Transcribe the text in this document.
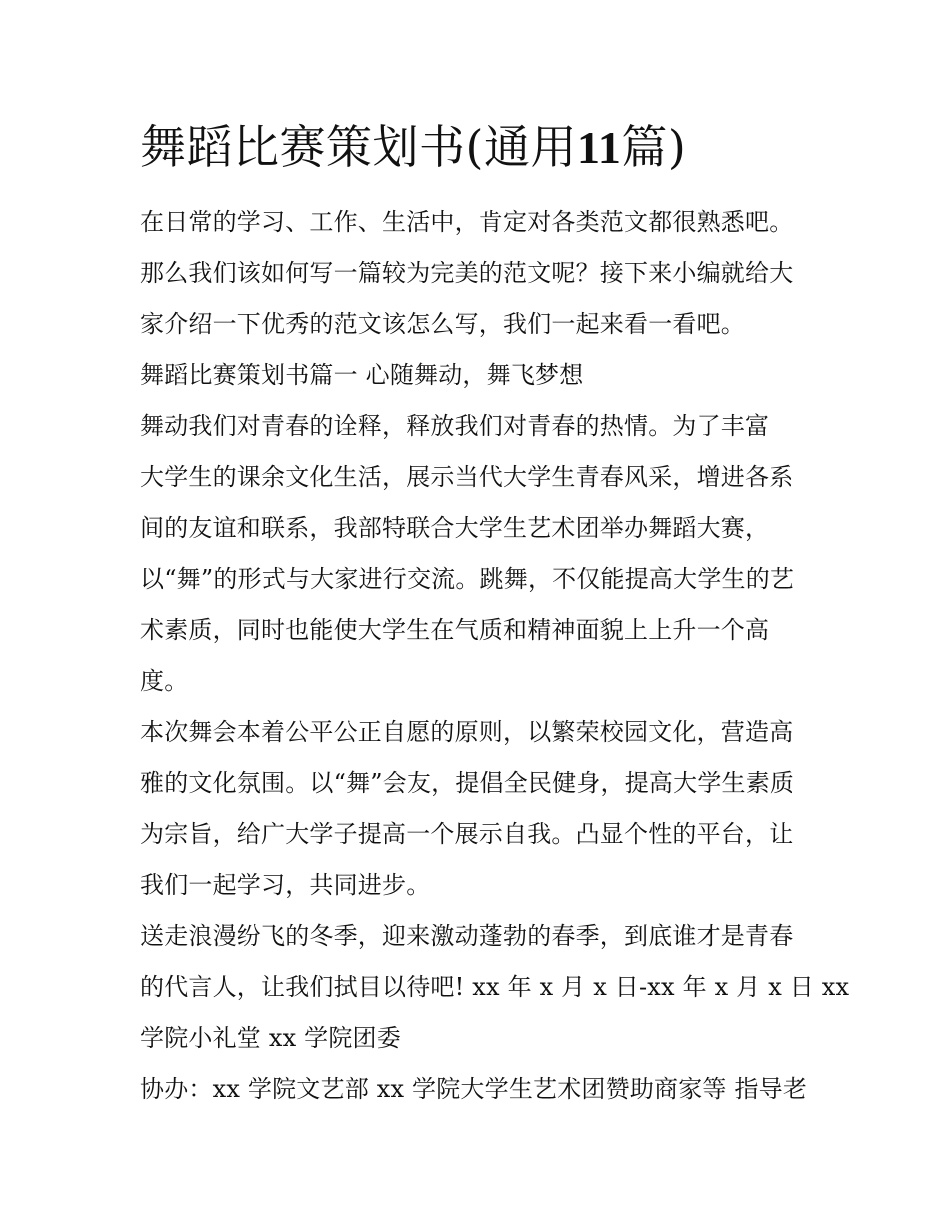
舞蹈比赛策划书(通用11篇)
在日常的学习、工作、生活中，肯定对各类范文都很熟悉吧。
那么我们该如何写一篇较为完美的范文呢？接下来小编就给大
家介绍一下优秀的范文该怎么写，我们一起来看一看吧。
舞蹈比赛策划书篇一 心随舞动，舞飞梦想
舞动我们对青春的诠释，释放我们对青春的热情。为了丰富
大学生的课余文化生活，展示当代大学生青春风采，增进各系
间的友谊和联系，我部特联合大学生艺术团举办舞蹈大赛，
以“舞”的形式与大家进行交流。跳舞，不仅能提高大学生的艺
术素质，同时也能使大学生在气质和精神面貌上上升一个高
度。
本次舞会本着公平公正自愿的原则，以繁荣校园文化，营造高
雅的文化氛围。以“舞”会友，提倡全民健身，提高大学生素质
为宗旨，给广大学子提高一个展示自我。凸显个性的平台，让
我们一起学习，共同进步。
送走浪漫纷飞的冬季，迎来激动蓬勃的春季，到底谁才是青春
的代言人，让我们拭目以待吧! xx 年 x 月 x 日-xx 年 x 月 x 日 xx
学院小礼堂 xx 学院团委
协办：xx 学院文艺部 xx 学院大学生艺术团赞助商家等 指导老
